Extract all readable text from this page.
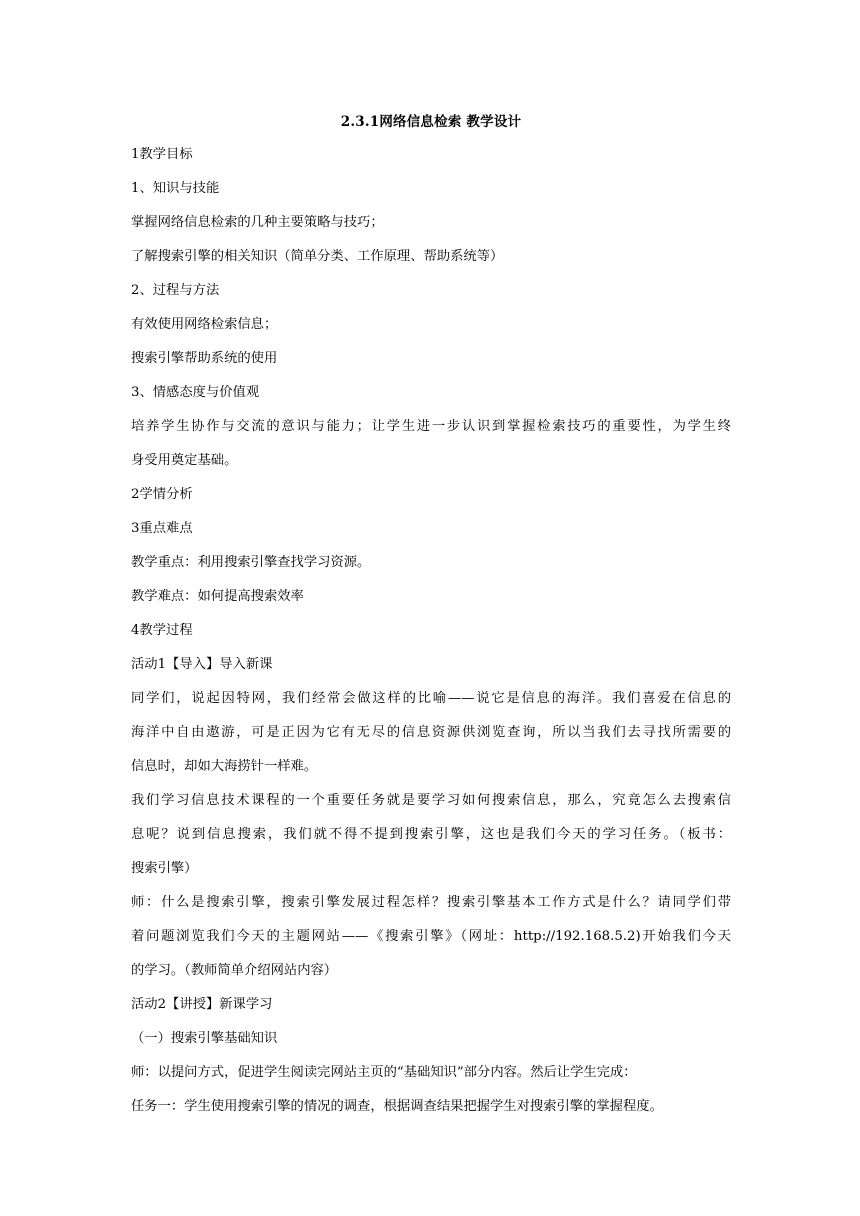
2.3.1网络信息检索 教学设计
1教学目标
1、知识与技能
掌握网络信息检索的几种主要策略与技巧；
了解搜索引擎的相关知识（简单分类、工作原理、帮助系统等）
2、过程与方法
有效使用网络检索信息；
搜索引擎帮助系统的使用
3、情感态度与价值观
培养学生协作与交流的意识与能力；让学生进一步认识到掌握检索技巧的重要性，为学生终
身受用奠定基础。
2学情分析
3重点难点
教学重点：利用搜索引擎查找学习资源。
教学难点：如何提高搜索效率
4教学过程
活动1【导入】导入新课
同学们，说起因特网，我们经常会做这样的比喻——说它是信息的海洋。我们喜爱在信息的
海洋中自由遨游，可是正因为它有无尽的信息资源供浏览查询，所以当我们去寻找所需要的
信息时，却如大海捞针一样难。
我们学习信息技术课程的一个重要任务就是要学习如何搜索信息，那么，究竟怎么去搜索信
息呢？说到信息搜索，我们就不得不提到搜索引擎，这也是我们今天的学习任务。（板书：
搜索引擎）
师：什么是搜索引擎，搜索引擎发展过程怎样？搜索引擎基本工作方式是什么？请同学们带
着问题浏览我们今天的主题网站——《搜索引擎》（网址：http://192.168.5.2)开始我们今天
的学习。（教师简单介绍网站内容）
活动2【讲授】新课学习
（一）搜索引擎基础知识
师：以提问方式，促进学生阅读完网站主页的“基础知识”部分内容。然后让学生完成：
任务一：学生使用搜索引擎的情况的调查，根据调查结果把握学生对搜索引擎的掌握程度。
